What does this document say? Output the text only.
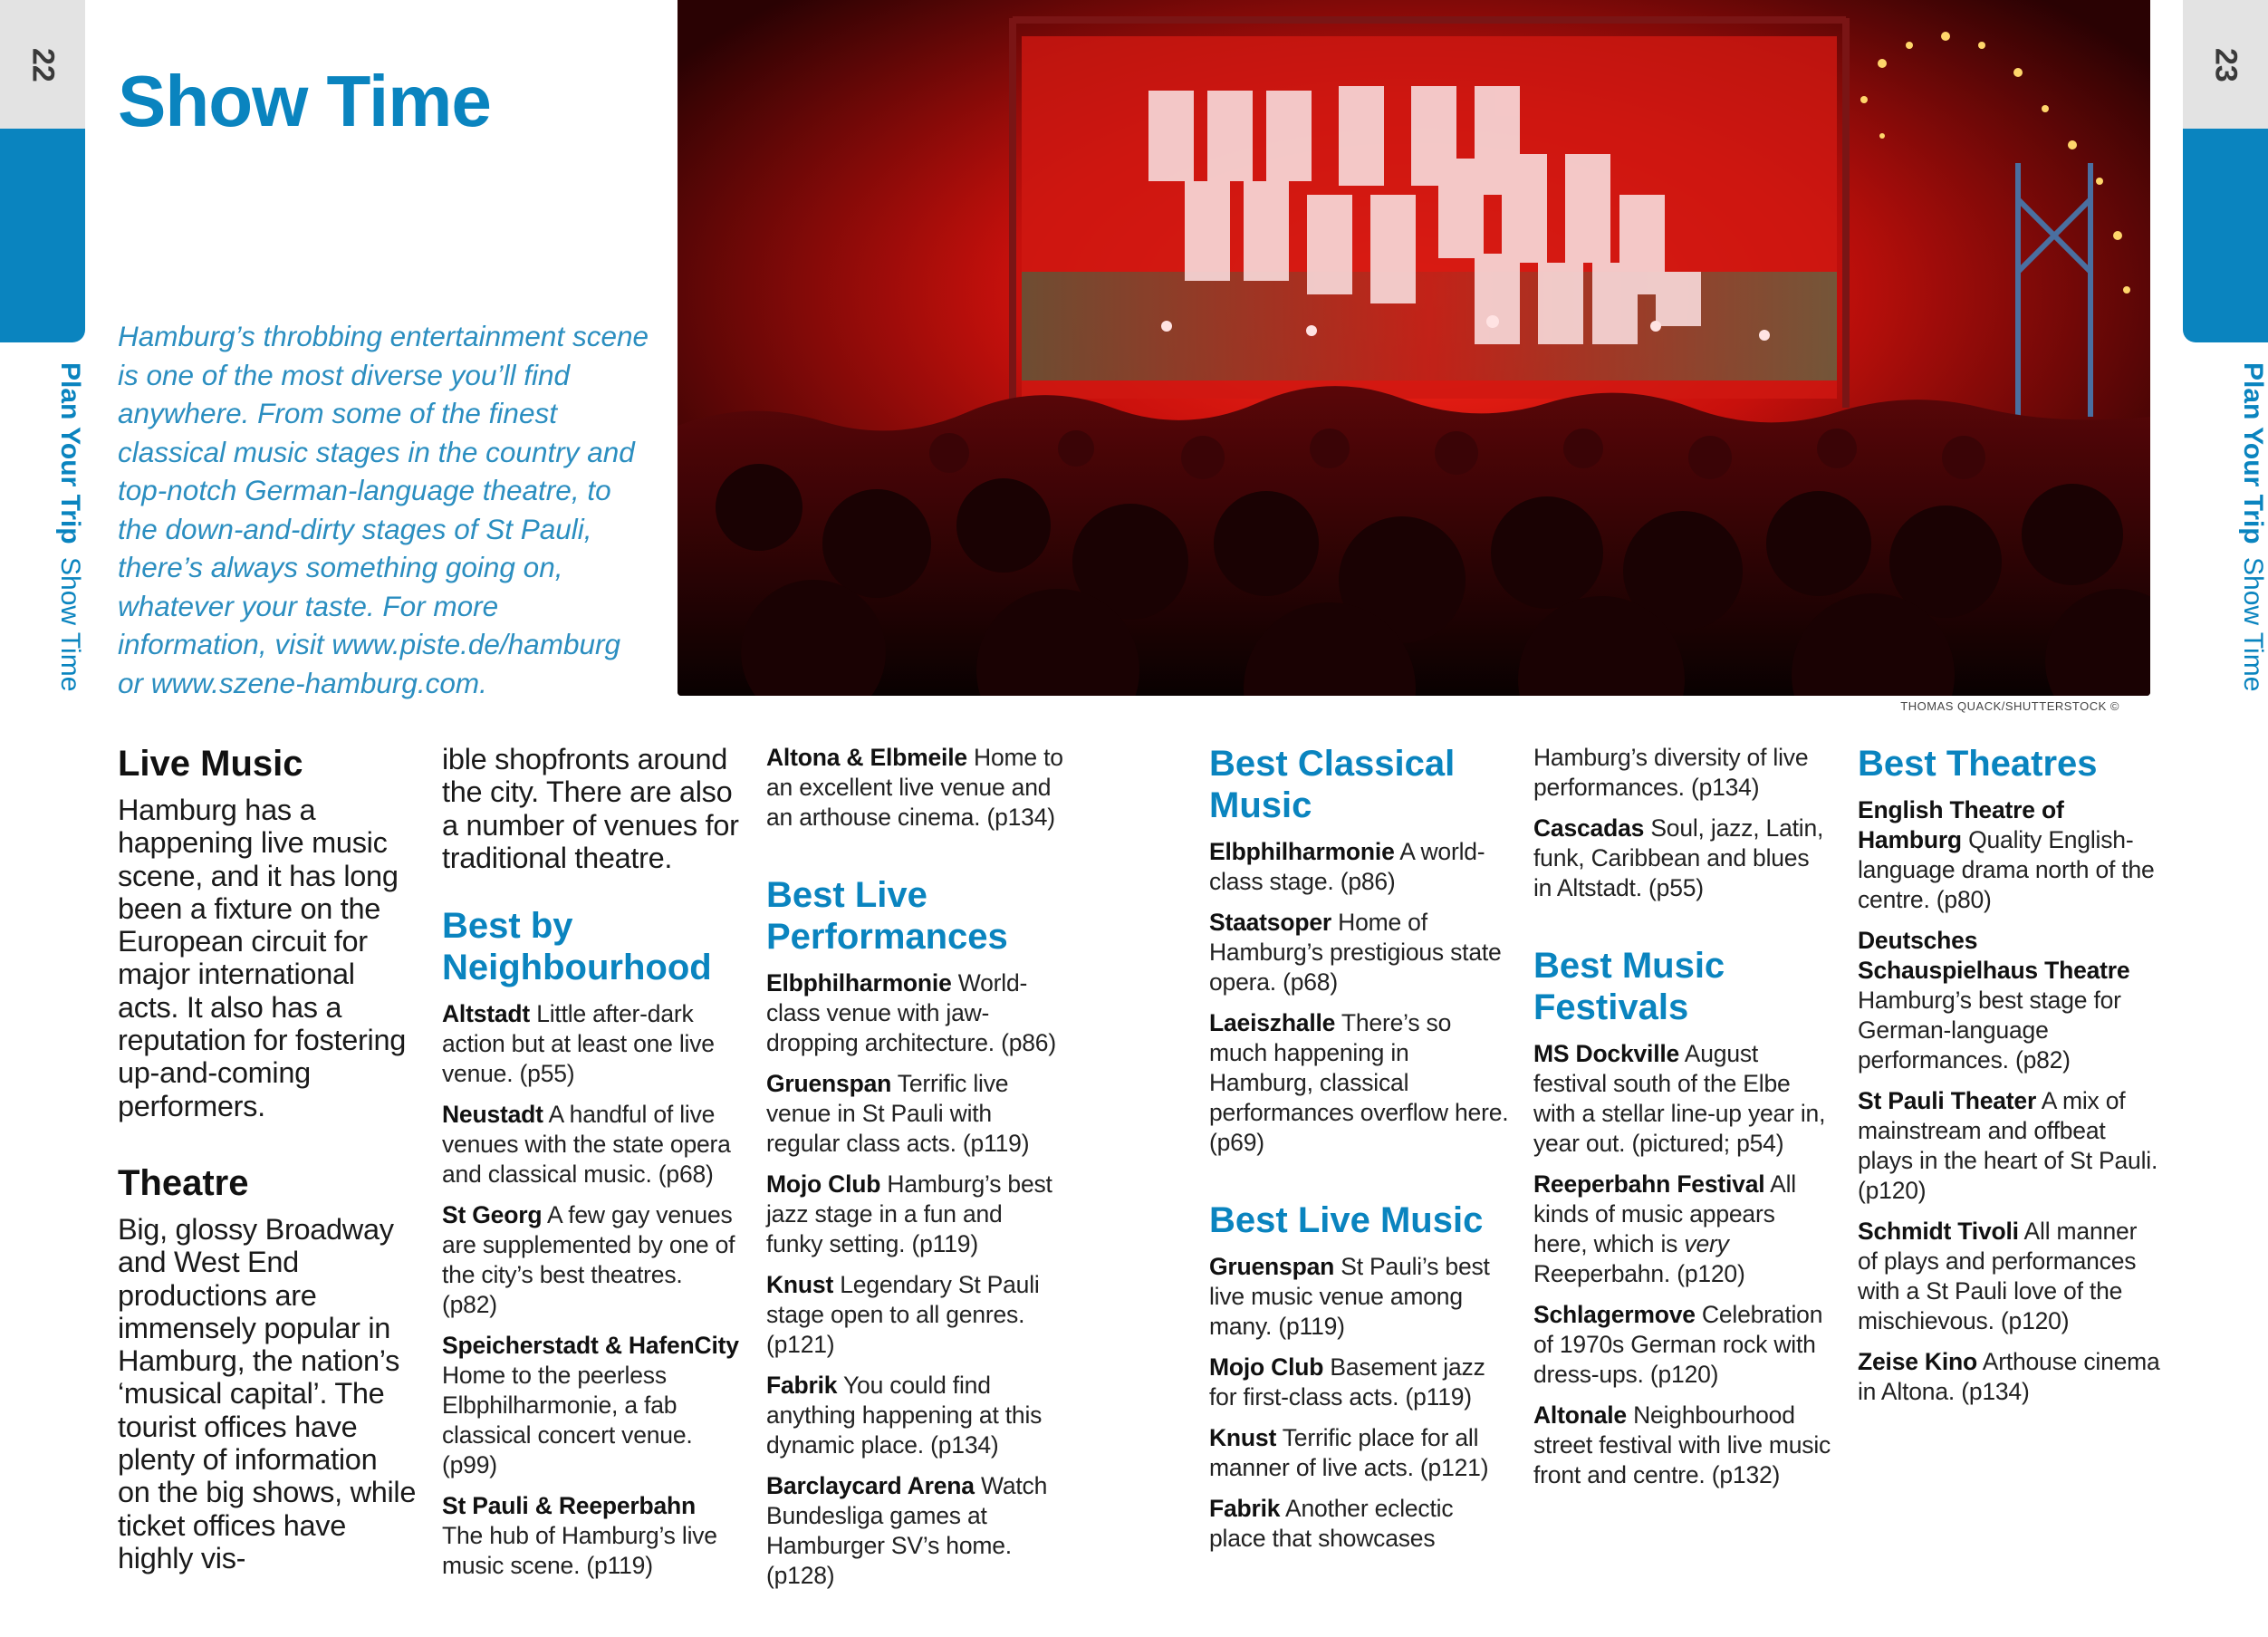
22
Plan Your Trip
Show Time
23
Plan Your Trip
Show Time
Show Time

Hamburg’s throbbing entertainment scene is one of the most diverse you’ll find anywhere. From some of the finest classical music stages in the country and top-notch German-language theatre, to the down-and-dirty stages of St Pauli, there’s always something going on, whatever your taste. For more information, visit www.piste.de/hamburg or www.szene-hamburg.com.

THOMAS QUACK/SHUTTERSTOCK ©
Live Music

Hamburg has a happening live music scene, and it has long been a fixture on the European circuit for major international acts. It also has a reputation for fostering up-and-coming performers.

Theatre

Big, glossy Broadway and West End productions are immensely popular in Hamburg, the nation’s ‘musical capital’. The tourist offices have plenty of information on the big shows, while ticket offices have highly vis-

ible shopfronts around the city. There are also a number of venues for traditional theatre.

Best by Neighbourhood
Altstadt Little after-dark action but at least one live venue. (p55)
Neustadt A handful of live venues with the state opera and classical music. (p68)
St Georg A few gay venues are supplemented by one of the city’s best theatres. (p82)
Speicherstadt & HafenCity Home to the peerless Elbphilharmonie, a fab classical concert venue. (p99)
St Pauli & Reeperbahn The hub of Hamburg’s live music scene. (p119)
Altona & Elbmeile Home to an excellent live venue and an arthouse cinema. (p134)
Best Live Performances
Elbphilharmonie World-class venue with jaw-dropping architecture. (p86)
Gruenspan Terrific live venue in St Pauli with regular class acts. (p119)
Mojo Club Hamburg’s best jazz stage in a fun and funky setting. (p119)
Knust Legendary St Pauli stage open to all genres. (p121)
Fabrik You could find anything happening at this dynamic place. (p134)
Barclaycard Arena Watch Bundesliga games at Hamburger SV’s home. (p128)
Best Classical Music
Elbphilharmonie A world-class stage. (p86)
Staatsoper Home of Hamburg’s prestigious state opera. (p68)
Laeiszhalle There’s so much happening in Hamburg, classical performances overflow here. (p69)
Best Live Music
Gruenspan St Pauli’s best live music venue among many. (p119)
Mojo Club Basement jazz for first-class acts. (p119)
Knust Terrific place for all manner of live acts. (p121)
Fabrik Another eclectic place that showcases

Hamburg’s diversity of live performances. (p134)

Cascadas Soul, jazz, Latin, funk, Caribbean and blues in Altstadt. (p55)
Best Music Festivals
MS Dockville August festival south of the Elbe with a stellar line-up year in, year out. (pictured; p54)
Reeperbahn Festival All kinds of music appears here, which is very Reeperbahn. (p120)
Schlagermove Celebration of 1970s German rock with dress-ups. (p120)
Altonale Neighbourhood street festival with live music front and centre. (p132)
Best Theatres
English Theatre of Hamburg Quality English-language drama north of the centre. (p80)
Deutsches Schauspielhaus Theatre Hamburg’s best stage for German-language performances. (p82)
St Pauli Theater A mix of mainstream and offbeat plays in the heart of St Pauli. (p120)
Schmidt Tivoli All manner of plays and performances with a St Pauli love of the mischievous. (p120)
Zeise Kino Arthouse cinema in Altona. (p134)
